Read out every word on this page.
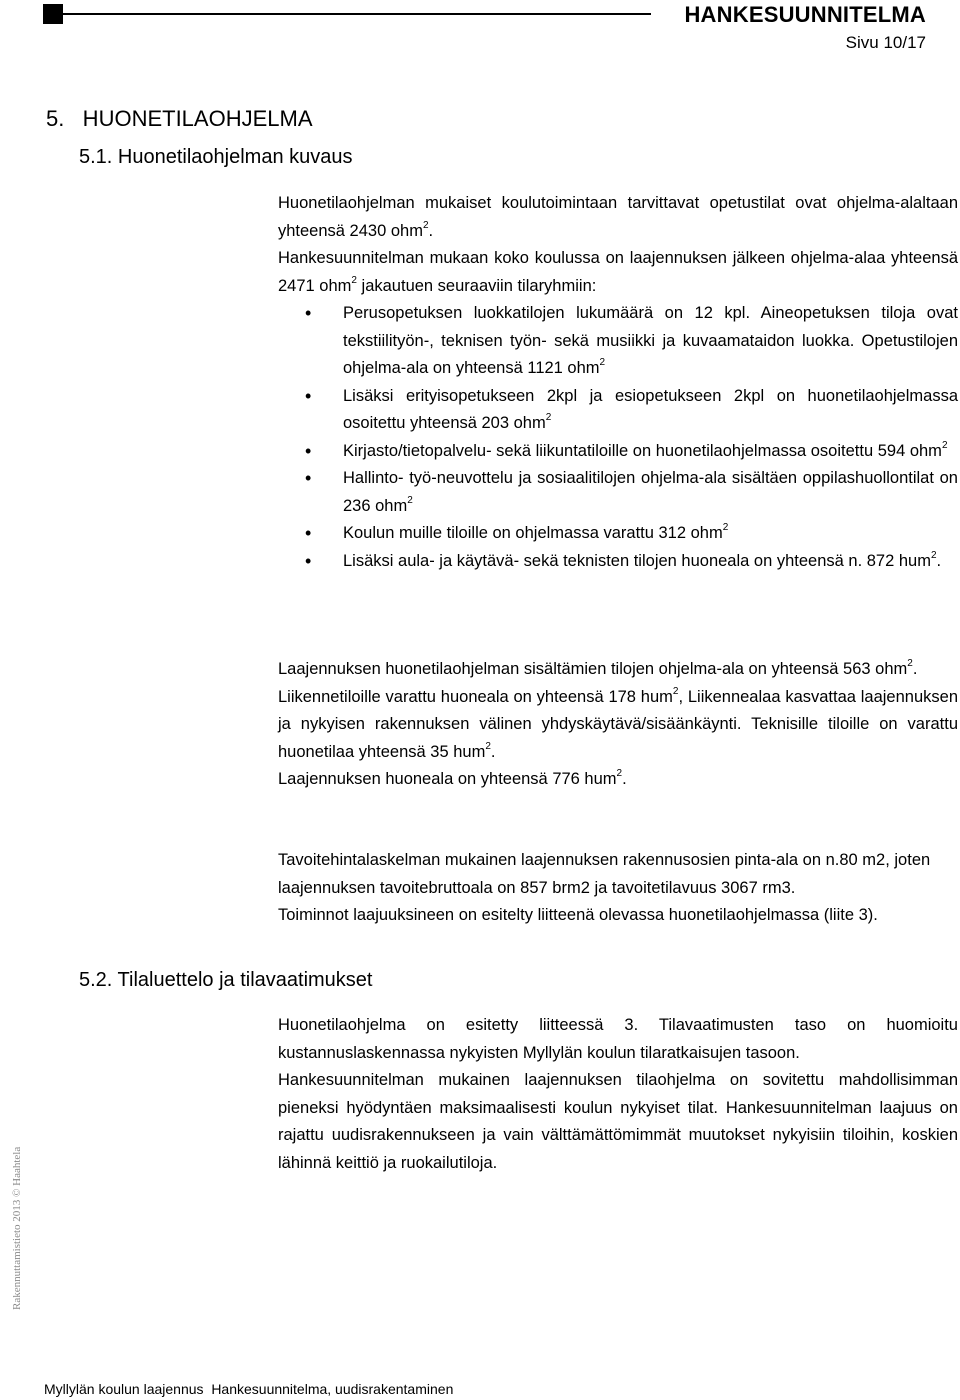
HANKESUUNNITELMA
Sivu 10/17
5.   HUONETILAOHJELMA
5.1. Huonetilaohjelman kuvaus

Huonetilaohjelman mukaiset koulutoimintaan tarvittavat opetustilat ovat ohjelma-alaltaan yhteensä 2430 ohm$^2$.

Hankesuunnitelman mukaan koko koulussa on laajennuksen jälkeen ohjelma-alaa yhteensä 2471 ohm$^2$ jakautuen seuraaviin tilaryhmiin:

• Perusopetuksen luokkatilojen lukumäärä on 12 kpl. Aineopetuksen tiloja ovat tekstiilityön-, teknisen työn- sekä musiikki ja kuvaamataidon luokka. Opetustilojen ohjelma-ala on yhteensä 1121 ohm$^2$
• Lisäksi erityisopetukseen 2kpl ja esiopetukseen 2kpl on huonetilaohjelmassa osoitettu yhteensä 203 ohm$^2$
• Kirjasto/tietopalvelu- sekä liikuntatiloille on huonetilaohjelmassa osoitettu 594 ohm$^2$
• Hallinto- työ-neuvottelu ja sosiaalitilojen ohjelma-ala sisältäen oppilashuollontilat on 236 ohm$^2$
• Koulun muille tiloille on ohjelmassa varattu 312 ohm$^2$
• Lisäksi aula- ja käytävä- sekä teknisten tilojen huoneala on yhteensä n. 872 hum$^2$.

Laajennuksen huonetilaohjelman sisältämien tilojen ohjelma-ala on yhteensä 563 ohm$^2$.

Liikennetiloille varattu huoneala on yhteensä 178 hum$^2$, Liikennealaa kasvattaa laajennuksen ja nykyisen rakennuksen välinen yhdyskäytävä/sisäänkäynti. Teknisille tiloille on varattu huonetilaa yhteensä 35 hum$^2$.

Laajennuksen huoneala on yhteensä 776 hum$^2$.

Tavoitehintalaskelman mukainen laajennuksen rakennusosien pinta-ala on n.80 m2, joten laajennuksen tavoitebruttoala on 857 brm2 ja tavoitetilavuus 3067 rm3.

Toiminnot laajuuksineen on esitelty liitteenä olevassa huonetilaohjelmassa (liite 3).

5.2. Tilaluettelo ja tilavaatimukset

Huonetilaohjelma on esitetty liitteessä 3. Tilavaatimusten taso on huomioitu kustannuslaskennassa nykyisten Myllylän koulun tilaratkaisujen tasoon.

Hankesuunnitelman mukainen laajennuksen tilaohjelma on sovitettu mahdollisimman pieneksi hyödyntäen maksimaalisesti koulun nykyiset tilat. Hankesuunnitelman laajuus on rajattu uudisrakennukseen ja vain välttämättömimmät muutokset nykyisiin tiloihin, koskien lähinnä keittiö ja ruokailutiloja.

Rakennuttamistieto 2013 © Haahtela
Myllylän koulun laajennus  Hankesuunnitelma, uudisrakentaminen
